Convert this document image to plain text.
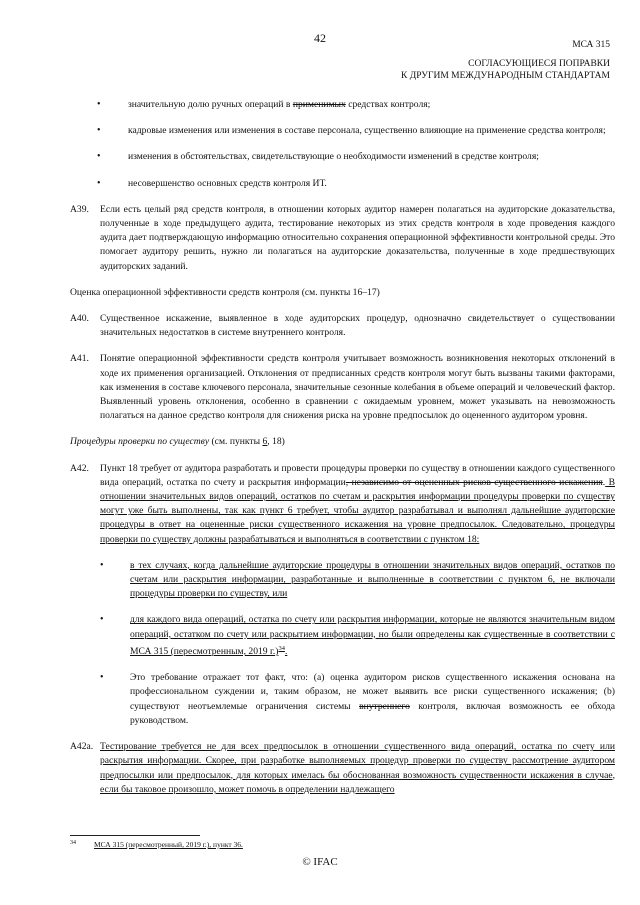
42	МСА 315
СОГЛАСУЮЩИЕСЯ ПОПРАВКИ
К ДРУГИМ МЕЖДУНАРОДНЫМ СТАНДАРТАМ
• значительную долю ручных операций в применимых средствах контроля;
• кадровые изменения или изменения в составе персонала, существенно влияющие на применение средства контроля;
• изменения в обстоятельствах, свидетельствующие о необходимости изменений в средстве контроля;
• несовершенство основных средств контроля ИТ.
A39. Если есть целый ряд средств контроля, в отношении которых аудитор намерен полагаться на аудиторские доказательства, полученные в ходе предыдущего аудита, тестирование некоторых из этих средств контроля в ходе проведения каждого аудита дает подтверждающую информацию относительно сохранения операционной эффективности контрольной среды. Это помогает аудитору решить, нужно ли полагаться на аудиторские доказательства, полученные в ходе предшествующих аудиторских заданий.
Оценка операционной эффективности средств контроля (см. пункты 16–17)
A40. Существенное искажение, выявленное в ходе аудиторских процедур, однозначно свидетельствует о существовании значительных недостатков в системе внутреннего контроля.
A41. Понятие операционной эффективности средств контроля учитывает возможность возникновения некоторых отклонений в ходе их применения организацией. Отклонения от предписанных средств контроля могут быть вызваны такими факторами, как изменения в составе ключевого персонала, значительные сезонные колебания в объеме операций и человеческий фактор. Выявленный уровень отклонения, особенно в сравнении с ожидаемым уровнем, может указывать на невозможность полагаться на данное средство контроля для снижения риска на уровне предпосылок до оцененного аудитором уровня.
Процедуры проверки по существу (см. пункты 6, 18)
A42. Пункт 18 требует от аудитора разработать и провести процедуры проверки по существу в отношении каждого существенного вида операций, остатка по счету и раскрытия информации, независимо от оцененных рисков существенного искажения. В отношении значительных видов операций, остатков по счетам и раскрытия информации процедуры проверки по существу могут уже быть выполнены, так как пункт 6 требует, чтобы аудитор разрабатывал и выполнял дальнейшие аудиторские процедуры в ответ на оцененные риски существенного искажения на уровне предпосылок. Следовательно, процедуры проверки по существу должны разрабатываться и выполняться в соответствии с пунктом 18:
• в тех случаях, когда дальнейшие аудиторские процедуры в отношении значительных видов операций, остатков по счетам или раскрытия информации, разработанные и выполненные в соответствии с пунктом 6, не включали процедуры проверки по существу, или
• для каждого вида операций, остатка по счету или раскрытия информации, которые не являются значительным видом операций, остатком по счету или раскрытием информации, но были определены как существенные в соответствии с МСА 315 (пересмотренным, 2019 г.)$^{34}$.
• Это требование отражает тот факт, что: (а) оценка аудитором рисков существенного искажения основана на профессиональном суждении и, таким образом, не может выявить все риски существенного искажения; (b) существуют неотъемлемые ограничения системы внутреннего контроля, включая возможность ее обхода руководством.
A42a. Тестирование требуется не для всех предпосылок в отношении существенного вида операций, остатка по счету или раскрытия информации. Скорее, при разработке выполняемых процедур проверки по существу рассмотрение аудитором предпосылки или предпосылок, для которых имелась бы обоснованная возможность существенности искажения в случае, если бы таковое произошло, может помочь в определении надлежащего
$^{34}$ МСА 315 (пересмотренный, 2019 г.), пункт 36.
© IFAC
